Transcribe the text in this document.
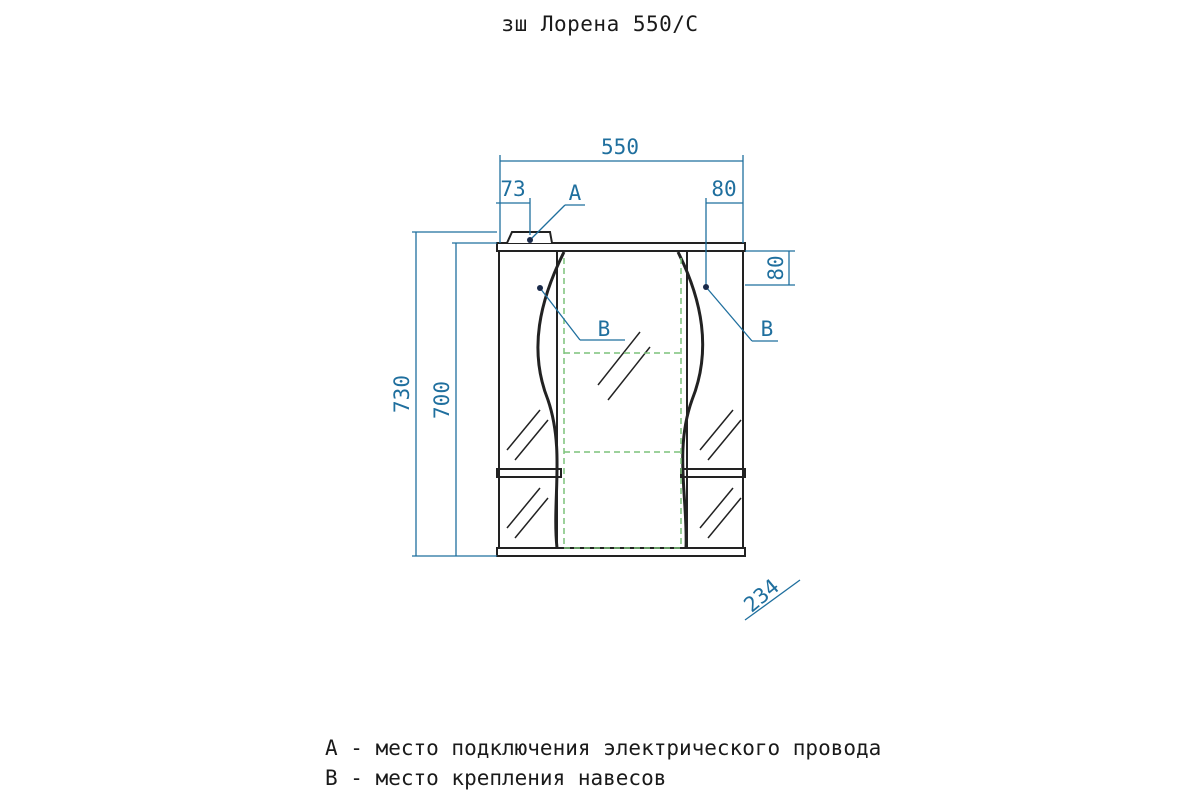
зш Лорена 550/С
550
73	80
80
730 700
234
A
B	B
A - место подключения электрического провода
B - место крепления навесов
